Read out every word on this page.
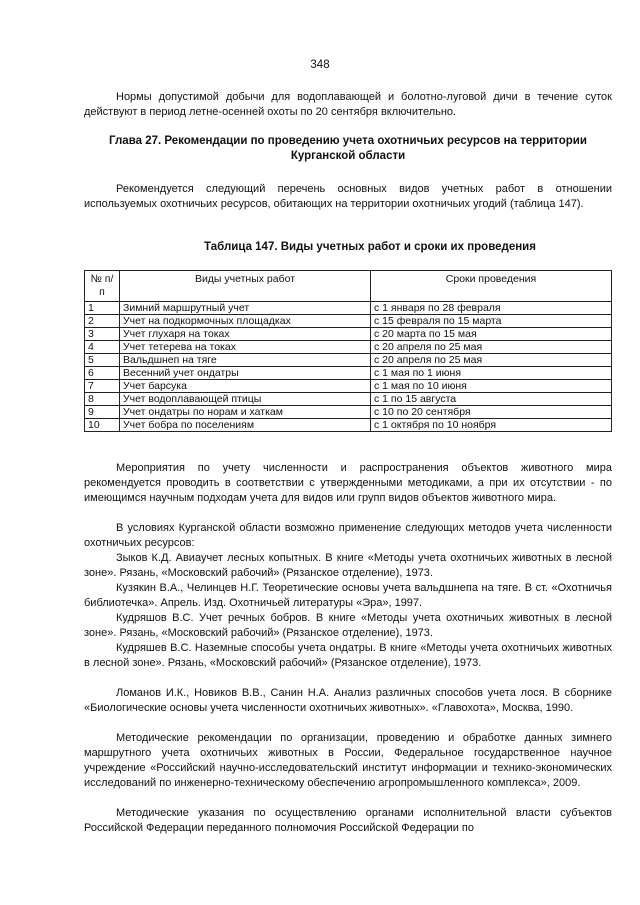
348

Нормы допустимой добычи для водоплавающей и болотно-луговой дичи в течение суток действуют в период летне-осенней охоты по 20 сентября включительно.

Глава 27. Рекомендации по проведению учета охотничьих ресурсов на территории Курганской области

Рекомендуется следующий перечень основных видов учетных работ в отношении используемых охотничьих ресурсов, обитающих на территории охотничьих угодий (таблица 147).

Таблица 147. Виды учетных работ и сроки их проведения
№ п/п	Виды учетных работ	Сроки проведения
1	Зимний маршрутный учет	с 1 января по 28 февраля
2	Учет на подкормочных площадках	с 15 февраля по 15 марта
3	Учет глухаря на токах	с 20 марта по 15 мая
4	Учет тетерева на токах	с 20 апреля по 25 мая
5	Вальдшнеп на тяге	с 20 апреля по 25 мая
6	Весенний учет ондатры	с 1 мая по 1 июня
7	Учет барсука	с 1 мая по 10 июня
8	Учет водоплавающей птицы	с 1 по 15 августа
9	Учет ондатры по норам и хаткам	с 10 по 20 сентября
10	Учет бобра по поселениям	с 1 октября по 10 ноября

Мероприятия по учету численности и распространения объектов животного мира рекомендуется проводить в соответствии с утвержденными методиками, а при их отсутствии - по имеющимся научным подходам учета для видов или групп видов объектов животного мира.

В условиях Курганской области возможно применение следующих методов учета численности охотничьих ресурсов:

Зыков К.Д. Авиаучет лесных копытных. В книге «Методы учета охотничьих животных в лесной зоне». Рязань, «Московский рабочий» (Рязанское отделение), 1973.

Кузякин В.А., Челинцев Н.Г. Теоретические основы учета вальдшнепа на тяге. В ст. «Охотничья библиотечка». Апрель. Изд. Охотничьей литературы «Эра», 1997.

Кудряшов В.С. Учет речных бобров. В книге «Методы учета охотничьих животных в лесной зоне». Рязань, «Московский рабочий» (Рязанское отделение), 1973.

Кудряшев В.С. Наземные способы учета ондатры. В книге «Методы учета охотничьих животных в лесной зоне». Рязань, «Московский рабочий» (Рязанское отделение), 1973.

Ломанов И.К., Новиков В.В., Санин Н.А. Анализ различных способов учета лося. В сборнике «Биологические основы учета численности охотничьих животных». «Главохота», Москва, 1990.

Методические рекомендации по организации, проведению и обработке данных зимнего маршрутного учета охотничьих животных в России, Федеральное государственное научное учреждение «Российский научно-исследовательский институт информации и технико-экономических исследований по инженерно-техническому обеспечению агропромышленного комплекса», 2009.

Методические указания по осуществлению органами исполнительной власти субъектов Российской Федерации переданного полномочия Российской Федерации по
